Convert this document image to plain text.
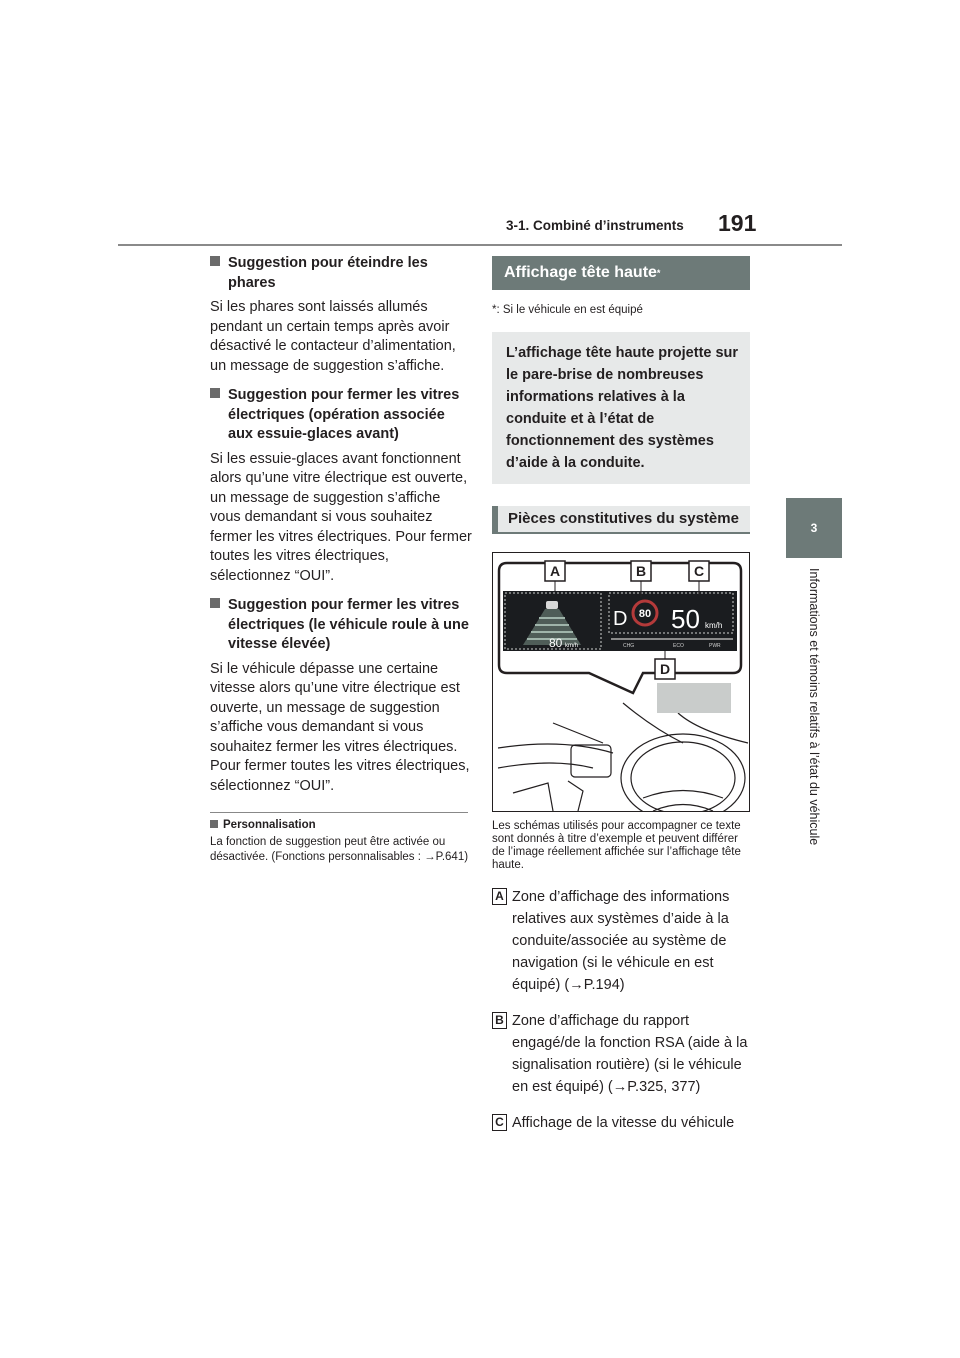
3-1. Combiné d’instruments 191
3
Informations et témoins relatifs à l’état du véhicule
Suggestion pour éteindre les phares

Si les phares sont laissés allumés pendant un certain temps après avoir désactivé le contacteur d’alimentation, un message de suggestion s’affiche.

Suggestion pour fermer les vitres électriques (opération associée aux essuie-glaces avant)

Si les essuie-glaces avant fonctionnent alors qu’une vitre électrique est ouverte, un message de suggestion s’affiche vous demandant si vous souhaitez fermer les vitres électriques. Pour fermer toutes les vitres électriques, sélectionnez “OUI”.

Suggestion pour fermer les vitres électriques (le véhicule roule à une vitesse élevée)

Si le véhicule dépasse une certaine vitesse alors qu’une vitre électrique est ouverte, un message de suggestion s’affiche vous demandant si vous souhaitez fermer les vitres électriques. Pour fermer toutes les vitres électriques, sélectionnez “OUI”.

Personnalisation
La fonction de suggestion peut être activée ou désactivée. (Fonctions personnalisables : →P.641)
Affichage tête haute *
*: Si le véhicule en est équipé
L’affichage tête haute projette sur le pare-brise de nombreuses informations relatives à la conduite et à l’état de fonctionnement des systèmes d’aide à la conduite.
Pièces constitutives du système
80
D 50 km/h
80 km/h	CHG	ECO	PWR
A	B	C
D
Les schémas utilisés pour accompagner ce texte sont donnés à titre d’exemple et peuvent différer de l’image réellement affichée sur l’affichage tête haute.
A Zone d’affichage des informations relatives aux systèmes d’aide à la conduite/associée au système de navigation (si le véhicule en est équipé) (→P.194)
B Zone d’affichage du rapport engagé/de la fonction RSA (aide à la signalisation routière) (si le véhicule en est équipé) (→P.325, 377)
C Affichage de la vitesse du véhicule
